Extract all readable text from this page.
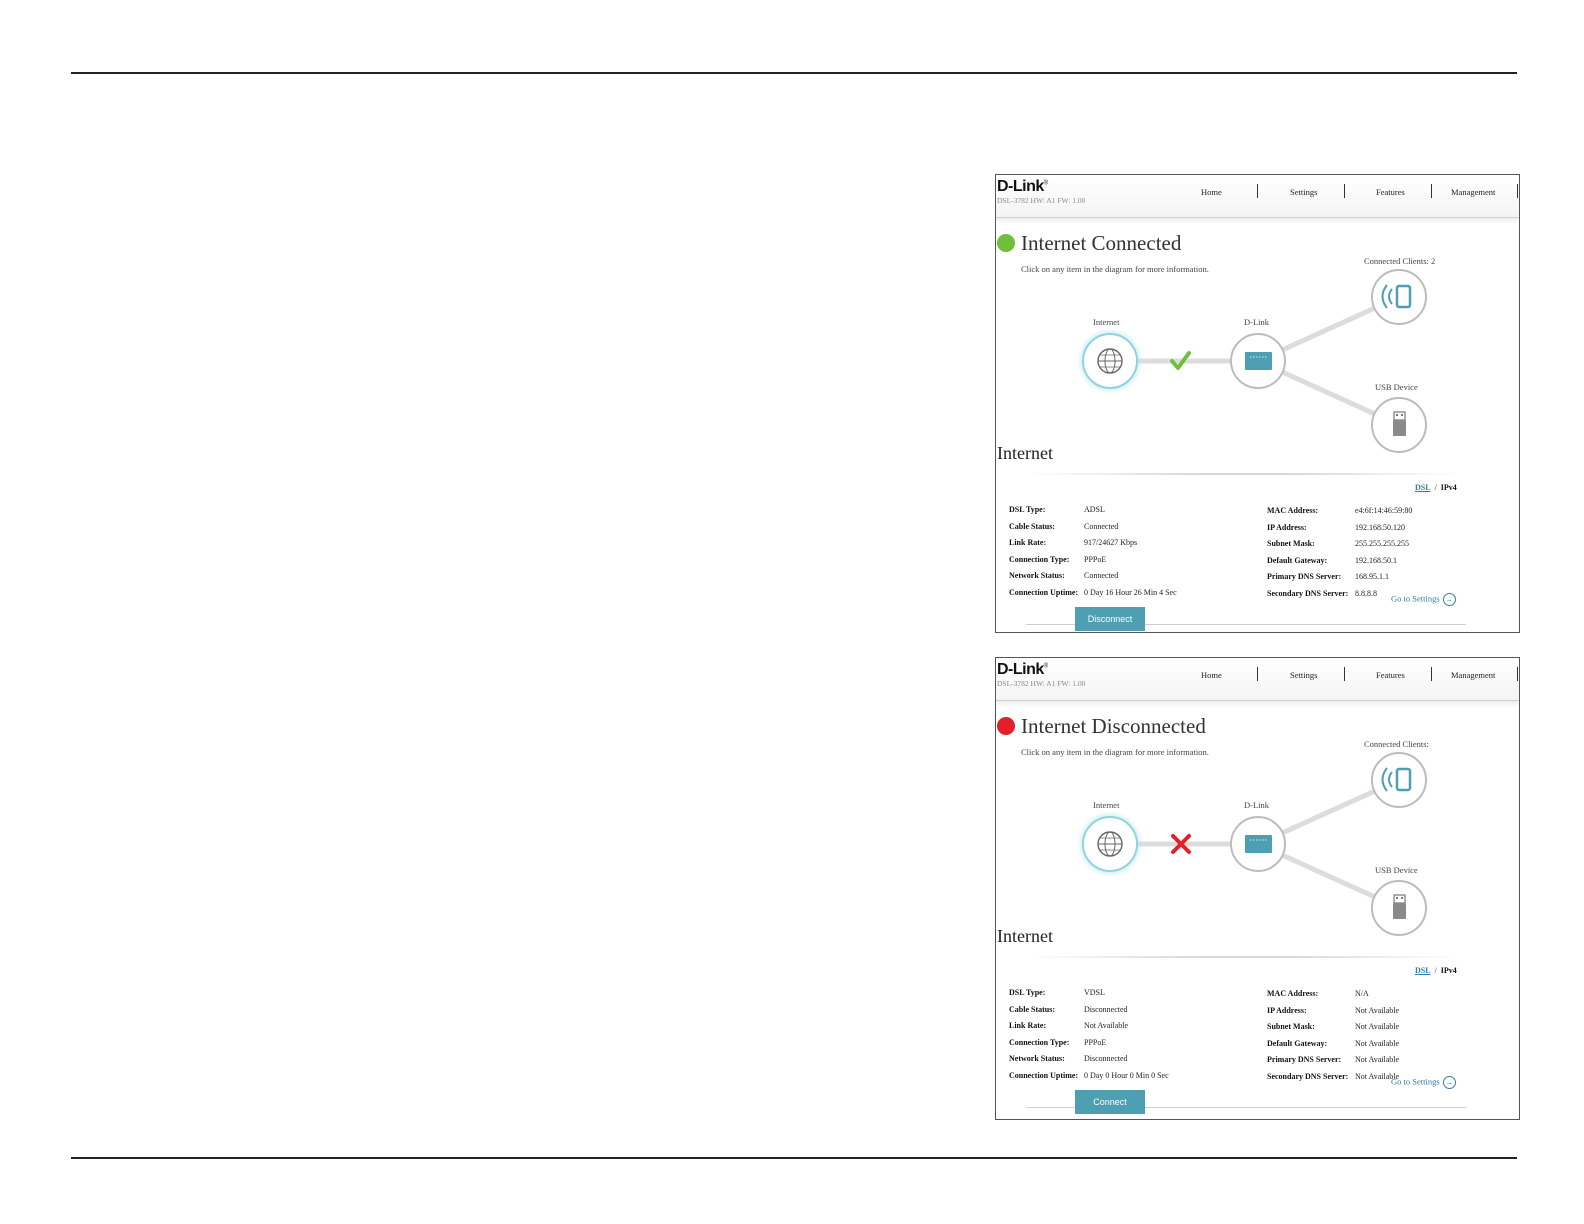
D-Link®
DSL-3782 HW: A1 FW: 1.00
Home	Settings	Features	Management
Internet Connected
Click on any item in the diagram for more information.
Connected Clients: 2
Internet	D-Link
USB Device
Internet
DSL / IPv4
DSL Type:	ADSL
Cable Status:	Connected
Link Rate:	917/24627 Kbps
Connection Type: PPPoE
Network Status: Connected
Connection Uptime: 0 Day 16 Hour 26 Min 4 Sec
MAC Address:	e4:6f:14:46:59:80
IP Address:	192.168.50.120
Subnet Mask:	255.255.255.255
Default Gateway:	192.168.50.1
Primary DNS Server: 168.95.1.1
Secondary DNS Server: 8.8.8.8 Go to Settings →
Disconnect
D-Link®
DSL-3782 HW: A1 FW: 1.00
Home	Settings	Features	Management
Internet Disconnected
Click on any item in the diagram for more information.
Connected Clients:
Internet	D-Link
USB Device
Internet
DSL / IPv4
DSL Type:	VDSL
Cable Status:	Disconnected
Link Rate:	Not Available
Connection Type: PPPoE
Network Status: Disconnected
Connection Uptime: 0 Day 0 Hour 0 Min 0 Sec
MAC Address:	N/A
IP Address:	Not Available
Subnet Mask:	Not Available
Default Gateway:	Not Available
Primary DNS Server: Not Available
Secondary DNS Server: Not Available
Go to Settings →
Connect
